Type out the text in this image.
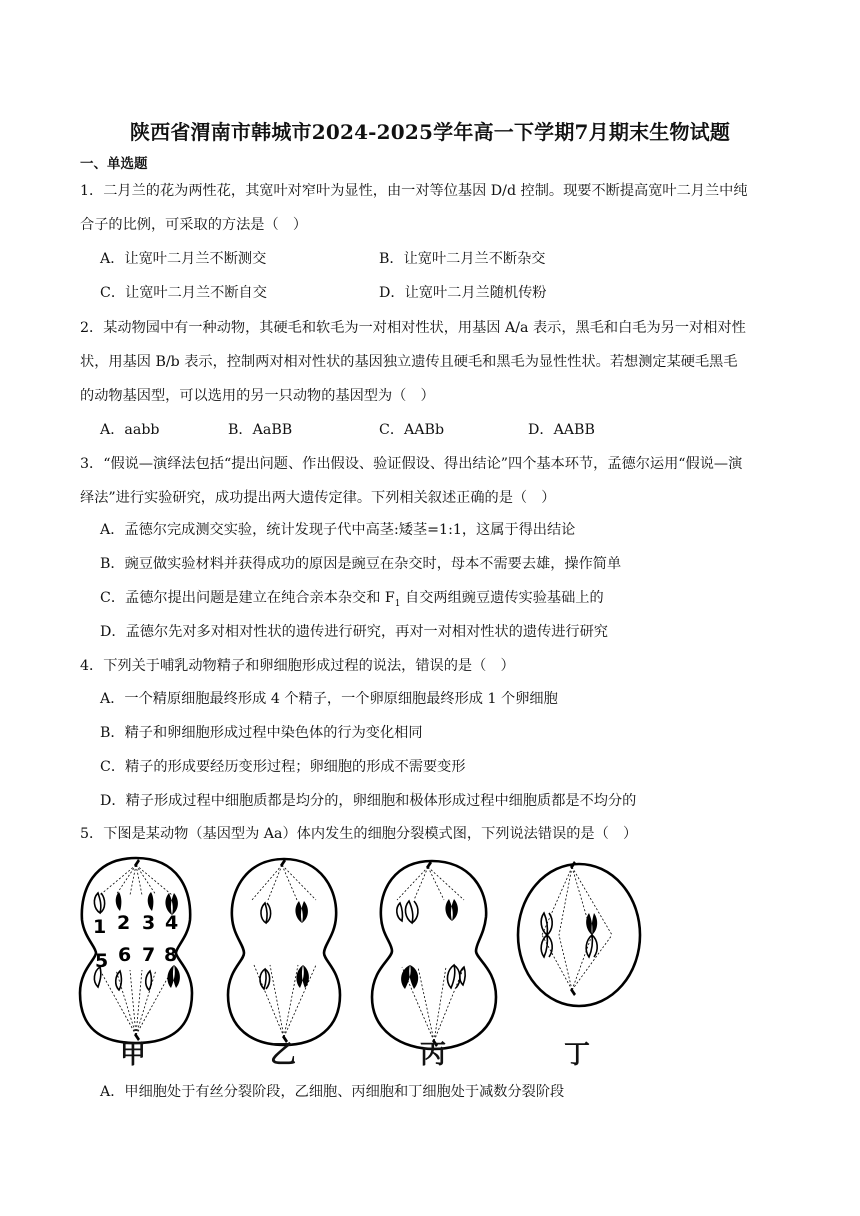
陕西省渭南市韩城市2024-2025学年高一下学期7月期末生物试题
一、单选题
1．二月兰的花为两性花，其宽叶对窄叶为显性，由一对等位基因 D/d 控制。现要不断提高宽叶二月兰中纯
合子的比例，可采取的方法是（　）
A．让宽叶二月兰不断测交	B．让宽叶二月兰不断杂交
C．让宽叶二月兰不断自交	D．让宽叶二月兰随机传粉
2．某动物园中有一种动物，其硬毛和软毛为一对相对性状，用基因 A/a 表示，黑毛和白毛为另一对相对性
状，用基因 B/b 表示，控制两对相对性状的基因独立遗传且硬毛和黑毛为显性性状。若想测定某硬毛黑毛
的动物基因型，可以选用的另一只动物的基因型为（　）
A．aabb	B．AaBB	C．AABb	D．AABB
3．“假说—演绎法包括“提出问题、作出假设、验证假设、得出结论”四个基本环节，孟德尔运用“假说—演
绎法”进行实验研究，成功提出两大遗传定律。下列相关叙述正确的是（　）
A．孟德尔完成测交实验，统计发现子代中高茎:矮茎=1:1，这属于得出结论
B．豌豆做实验材料并获得成功的原因是豌豆在杂交时，母本不需要去雄，操作简单
C．孟德尔提出问题是建立在纯合亲本杂交和 $F_1$ 自交两组豌豆遗传实验基础上的
D．孟德尔先对多对相对性状的遗传进行研究，再对一对相对性状的遗传进行研究
4．下列关于哺乳动物精子和卵细胞形成过程的说法，错误的是（　）
A．一个精原细胞最终形成 4 个精子，一个卵原细胞最终形成 1 个卵细胞
B．精子和卵细胞形成过程中染色体的行为变化相同
C．精子的形成要经历变形过程；卵细胞的形成不需要变形
D．精子形成过程中细胞质都是均分的，卵细胞和极体形成过程中细胞质都是不均分的
5．下图是某动物（基因型为 Aa）体内发生的细胞分裂模式图，下列说法错误的是（　）
1 2 3 4
5 6 7 8
甲	乙	丙	丁
A．甲细胞处于有丝分裂阶段，乙细胞、丙细胞和丁细胞处于减数分裂阶段
